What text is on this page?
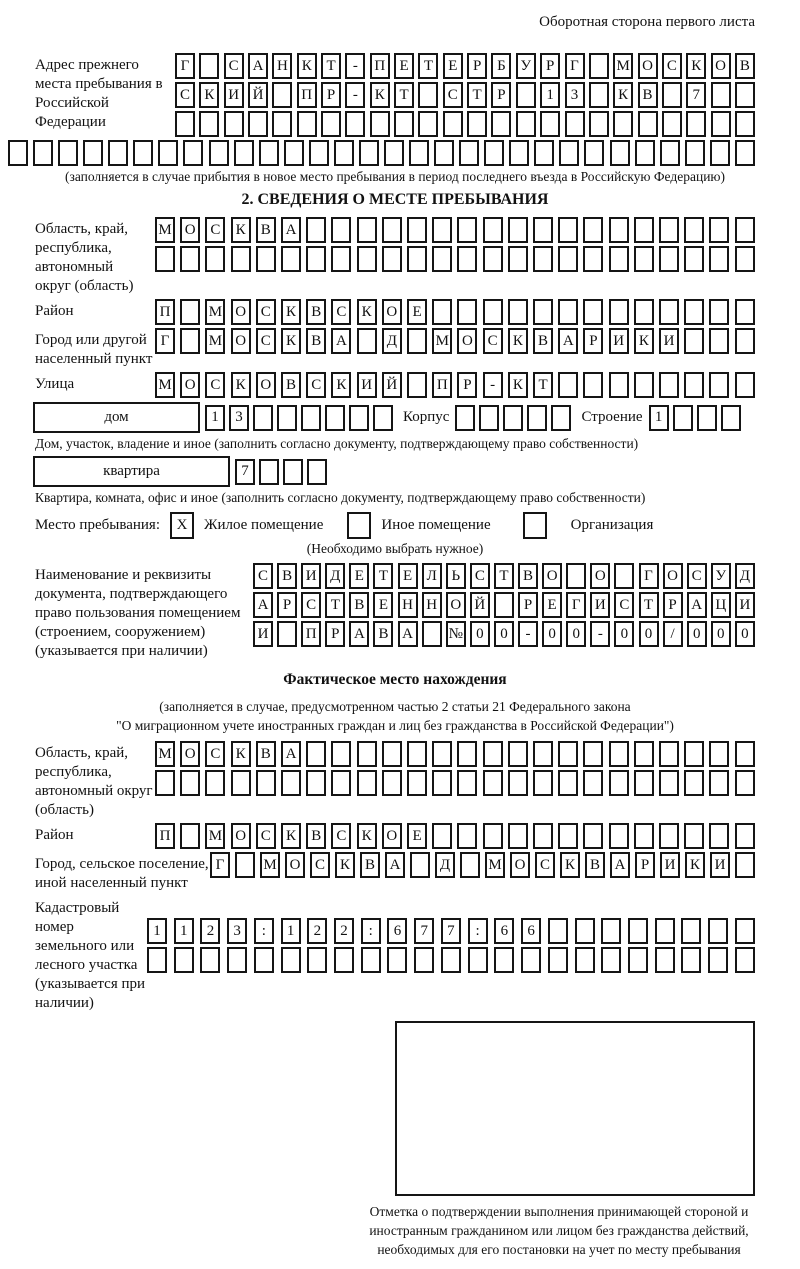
Оборотная сторона первого листа
Адрес прежнего места пребывания в Российской Федерации
Г	С А Н К Т	-	П Е	Т	Е	Р	Б У Р	Г	М О С К О В
С К И Й	П Р	-	К Т	С Т	Р	1	3	К В	7
(заполняется в случае прибытия в новое место пребывания в период последнего въезда в Российскую Федерацию)
2. СВЕДЕНИЯ О МЕСТЕ ПРЕБЫВАНИЯ
Область, край, республика, автономный округ (область)
М О С	К	В А
Район	П	М О С	К	В	С	К О	Е
Город или другой населенный пункт
Г	М О С	К	В А	Д	М О С	К	В А	Р	И К И
Улица	М О С	К О В	С	К И Й	П	Р	-	К	Т
дом	1	3	Корпус	Строение 1
Дом, участок, владение и иное (заполнить согласно документу, подтверждающему право собственности)
квартира	7
Квартира, комната, офис и иное (заполнить согласно документу, подтверждающему право собственности)
Место пребывания:	X	Жилое помещение	Иное помещение	Организация
(Необходимо выбрать нужное)
Наименование и реквизиты документа, подтверждающего право пользования помещением (строением, сооружением) (указывается при наличии)
С В И Д Е Т Е Л Ь С Т В О	О	Г О С У Д
А Р С Т В Е Н Н О Й	Р	Е	Г И С Т	Р А Ц И
И	П Р А В А	№ 0	0	-	0	0	-	0	0	/	0	0	0
Фактическое место нахождения
(заполняется в случае, предусмотренном частью 2 статьи 21 Федерального закона
"О миграционном учете иностранных граждан и лиц без гражданства в Российской Федерации")
Область, край, республика, автономный округ (область)
М О С	К	В А
Район	П	М О С	К	В	С	К О	Е
Город, сельское поселение, иной населенный пункт
Г	М О С К В А	Д	М О С К В А	Р	И К И
Кадастровый номер земельного или лесного участка (указывается при наличии)
1	1	2	3	:	1	2	2	:	6	7	7	:	6	6
Отметка о подтверждении выполнения принимающей стороной и иностранным гражданином или лицом без гражданства действий, необходимых для его постановки на учет по месту пребывания
